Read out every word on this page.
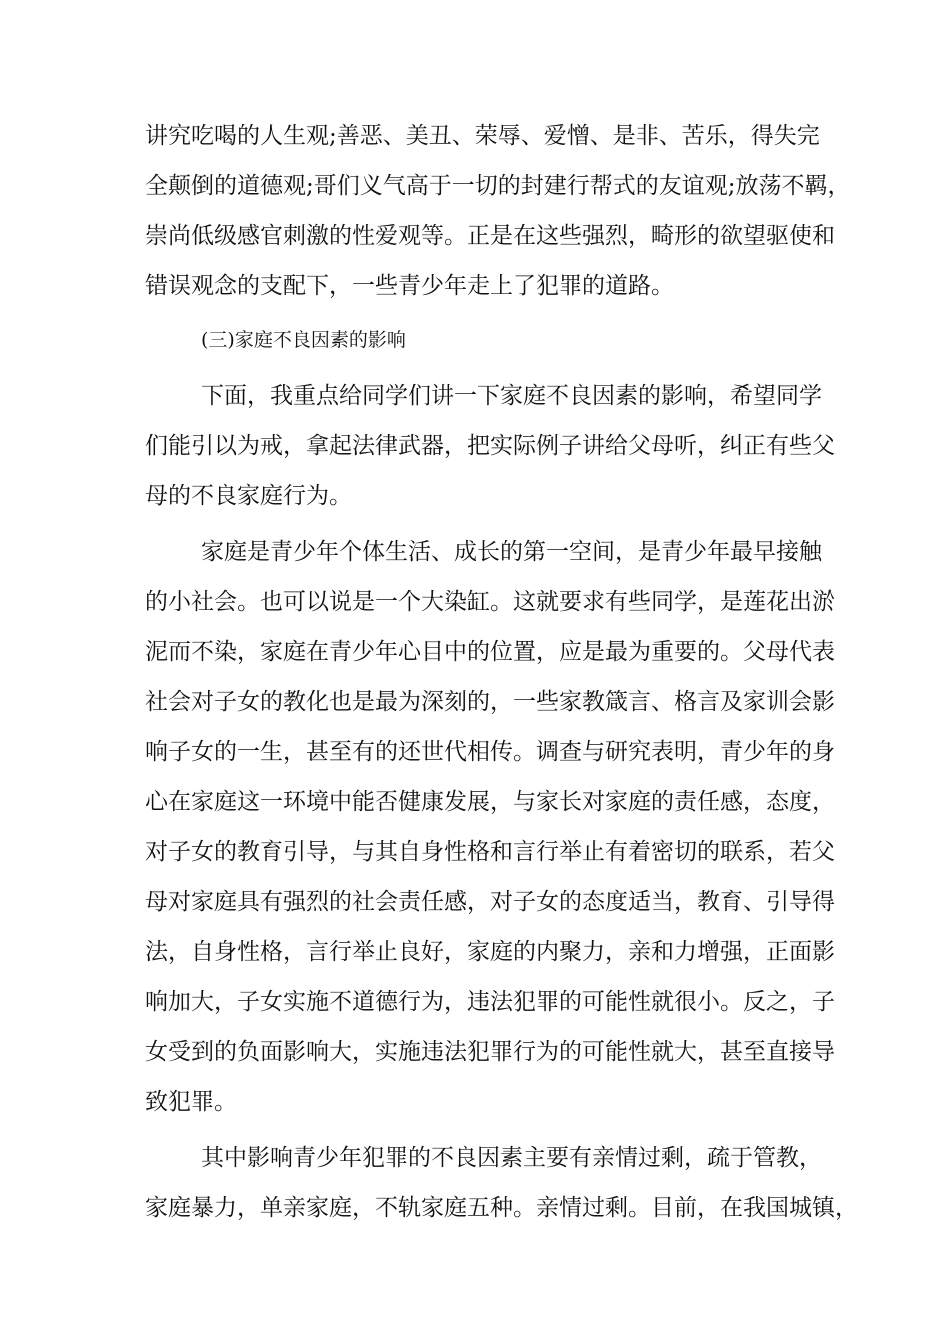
讲究吃喝的人生观;善恶、美丑、荣辱、爱憎、是非、苦乐，得失完
全颠倒的道德观;哥们义气高于一切的封建行帮式的友谊观;放荡不羁，
崇尚低级感官刺激的性爱观等。正是在这些强烈，畸形的欲望驱使和
错误观念的支配下，一些青少年走上了犯罪的道路。
(三)家庭不良因素的影响
下面，我重点给同学们讲一下家庭不良因素的影响，希望同学
们能引以为戒，拿起法律武器，把实际例子讲给父母听，纠正有些父
母的不良家庭行为。
家庭是青少年个体生活、成长的第一空间，是青少年最早接触
的小社会。也可以说是一个大染缸。这就要求有些同学，是莲花出淤
泥而不染，家庭在青少年心目中的位置，应是最为重要的。父母代表
社会对子女的教化也是最为深刻的，一些家教箴言、格言及家训会影
响子女的一生，甚至有的还世代相传。调查与研究表明，青少年的身
心在家庭这一环境中能否健康发展，与家长对家庭的责任感，态度，
对子女的教育引导，与其自身性格和言行举止有着密切的联系，若父
母对家庭具有强烈的社会责任感，对子女的态度适当，教育、引导得
法，自身性格，言行举止良好，家庭的内聚力，亲和力增强，正面影
响加大，子女实施不道德行为，违法犯罪的可能性就很小。反之，子
女受到的负面影响大，实施违法犯罪行为的可能性就大，甚至直接导
致犯罪。
其中影响青少年犯罪的不良因素主要有亲情过剩，疏于管教，
家庭暴力，单亲家庭，不轨家庭五种。亲情过剩。目前，在我国城镇，
